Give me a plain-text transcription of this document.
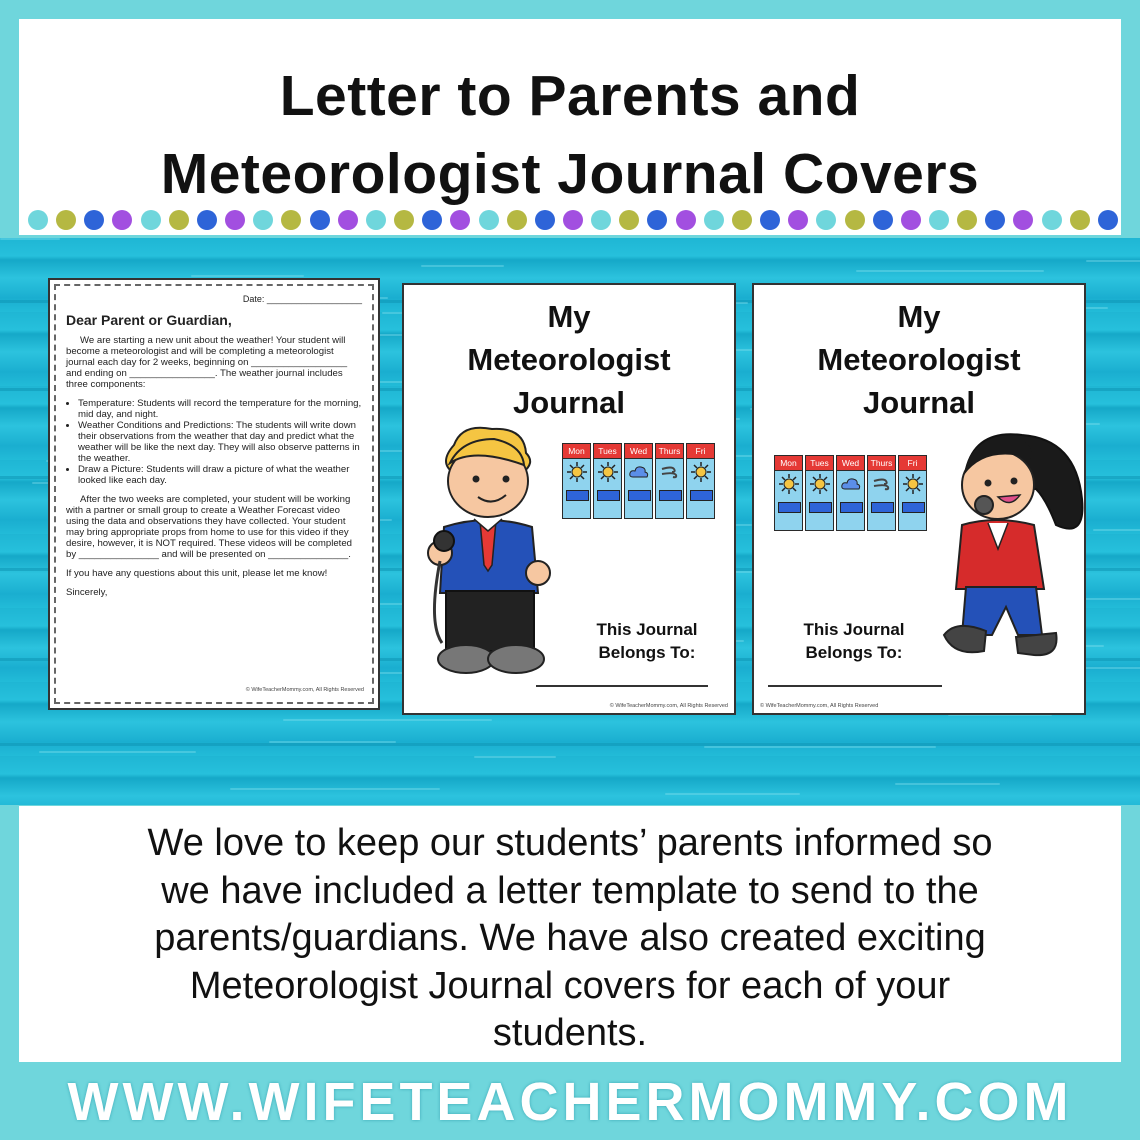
Letter to Parents and
Meteorologist Journal Covers
Date: ___________________
Dear Parent or Guardian,

We are starting a new unit about the weather! Your student will become a meteorologist and will be completing a meteorologist journal each day for 2 weeks, beginning on __________________ and ending on ________________. The weather journal includes three components:

• Temperature: Students will record the temperature for the morning, mid day, and night.
• Weather Conditions and Predictions: The students will write down their observations from the weather that day and predict what the weather will be like the next day. They will also observe patterns in the weather.
• Draw a Picture: Students will draw a picture of what the weather looked like each day.

After the two weeks are completed, your student will be working with a partner or small group to create a Weather Forecast video using the data and observations they have collected. Your student may bring appropriate props from home to use for this video if they desire, however, it is NOT required. These videos will be completed by _______________ and will be presented on _______________.

If you have any questions about this unit, please let me know!

Sincerely,

© WifeTeacherMommy.com, All Rights Reserved
My
Meteorologist
Journal
Mon	Tues	Wed	Thurs	Fri
This Journal
Belongs To:
© WifeTeacherMommy.com, All Rights Reserved
My
Meteorologist
Journal
Mon	Tues	Wed	Thurs	Fri
This Journal
Belongs To:
© WifeTeacherMommy.com, All Rights Reserved
We love to keep our students’ parents informed so
we have included a letter template to send to the
parents/guardians. We have also created exciting
Meteorologist Journal covers for each of your
students.
WWW.WIFETEACHERMOMMY.COM
